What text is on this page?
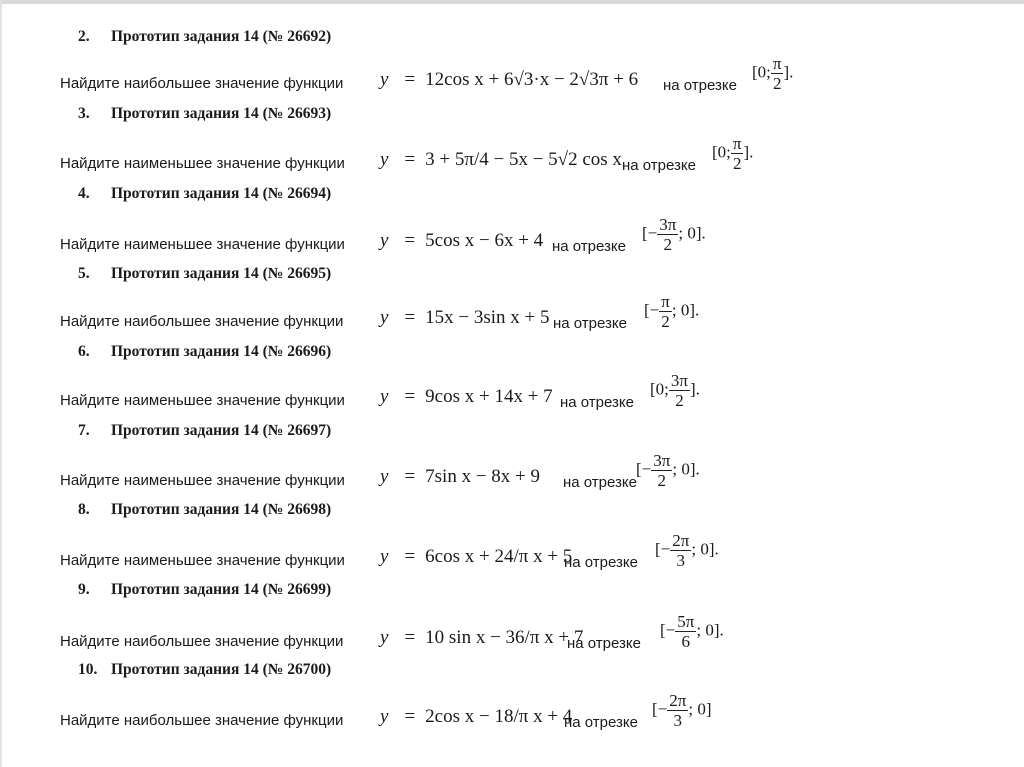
2. Прототип задания 14 (№ 26692)
Найдите наибольшее значение функции y = 12cos x + 6√3·x − 2√3π + 6 на отрезке
[0; $\frac{\pi}{2}$ ].
3. Прототип задания 14 (№ 26693)
Найдите наименьшее значение функции y = 3 + 5π/4 − 5x − 5√2 cos x на отрезке
[0; $\frac{\pi}{2}$ ].
4. Прототип задания 14 (№ 26694)
Найдите наименьшее значение функции y = 5cos x − 6x + 4 на отрезке
[− $\frac{3\pi}{2}$ ; 0].
5. Прототип задания 14 (№ 26695)
Найдите наибольшее значение функции y = 15x − 3sin x + 5 на отрезке
[− $\frac{\pi}{2}$ ; 0].
6. Прототип задания 14 (№ 26696)
Найдите наименьшее значение функции y = 9cos x + 14x + 7 на отрезке
[0; $\frac{3\pi}{2}$ ].
7. Прототип задания 14 (№ 26697)
Найдите наименьшее значение функции y = 7sin x − 8x + 9 на отрезке
[− $\frac{3\pi}{2}$ ; 0].
8. Прототип задания 14 (№ 26698)
Найдите наименьшее значение функции y = 6cos x + 24/π x + 5
на отрезке
[− $\frac{2\pi}{3}$ ; 0].
9. Прототип задания 14 (№ 26699)
Найдите наибольшее значение функции y = 10 sin x − 36/π x + 7
на отрезке
[− $\frac{5\pi}{6}$ ; 0].
10. Прототип задания 14 (№ 26700)
Найдите наибольшее значение функции y = 2cos x − 18/π x + 4
на отрезке
[− $\frac{2\pi}{3}$ ; 0]
